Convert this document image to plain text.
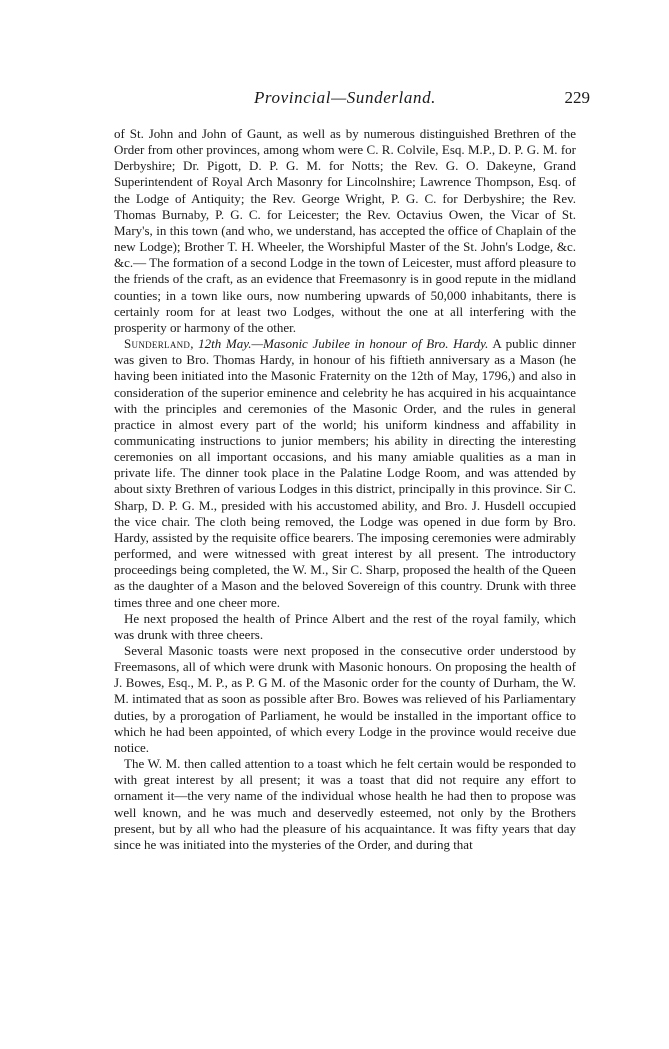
Provincial—Sunderland.	229

of St. John and John of Gaunt, as well as by numerous distinguished Brethren of the Order from other provinces, among whom were C. R. Colvile, Esq. M.P., D. P. G. M. for Derbyshire; Dr. Pigott, D. P. G. M. for Notts; the Rev. G. O. Dakeyne, Grand Superintendent of Royal Arch Masonry for Lincolnshire; Lawrence Thompson, Esq. of the Lodge of Antiquity; the Rev. George Wright, P. G. C. for Derbyshire; the Rev. Thomas Burnaby, P. G. C. for Leicester; the Rev. Octavius Owen, the Vicar of St. Mary's, in this town (and who, we understand, has accepted the office of Chaplain of the new Lodge); Brother T. H. Wheeler, the Worshipful Master of the St. John's Lodge, &c. &c.— The formation of a second Lodge in the town of Leicester, must afford pleasure to the friends of the craft, as an evidence that Freemasonry is in good repute in the midland counties; in a town like ours, now numbering upwards of 50,000 inhabitants, there is certainly room for at least two Lodges, without the one at all interfering with the prosperity or harmony of the other.

Sunderland, 12th May.—Masonic Jubilee in honour of Bro. Hardy. A public dinner was given to Bro. Thomas Hardy, in honour of his fiftieth anniversary as a Mason (he having been initiated into the Masonic Fraternity on the 12th of May, 1796,) and also in consideration of the superior eminence and celebrity he has acquired in his acquaintance with the principles and ceremonies of the Masonic Order, and the rules in general practice in almost every part of the world; his uniform kindness and affability in communicating instructions to junior members; his ability in directing the interesting ceremonies on all important occasions, and his many amiable qualities as a man in private life. The dinner took place in the Palatine Lodge Room, and was attended by about sixty Brethren of various Lodges in this district, principally in this province. Sir C. Sharp, D. P. G. M., presided with his accustomed ability, and Bro. J. Husdell occupied the vice chair. The cloth being removed, the Lodge was opened in due form by Bro. Hardy, assisted by the requisite office bearers. The imposing ceremonies were admirably performed, and were witnessed with great interest by all present. The introductory proceedings being completed, the W. M., Sir C. Sharp, proposed the health of the Queen as the daughter of a Mason and the beloved Sovereign of this country. Drunk with three times three and one cheer more.

He next proposed the health of Prince Albert and the rest of the royal family, which was drunk with three cheers.

Several Masonic toasts were next proposed in the consecutive order understood by Freemasons, all of which were drunk with Masonic honours. On proposing the health of J. Bowes, Esq., M. P., as P. G M. of the Masonic order for the county of Durham, the W. M. intimated that as soon as possible after Bro. Bowes was relieved of his Parliamentary duties, by a prorogation of Parliament, he would be installed in the important office to which he had been appointed, of which every Lodge in the province would receive due notice.

The W. M. then called attention to a toast which he felt certain would be responded to with great interest by all present; it was a toast that did not require any effort to ornament it—the very name of the individual whose health he had then to propose was well known, and he was much and deservedly esteemed, not only by the Brothers present, but by all who had the pleasure of his acquaintance. It was fifty years that day since he was initiated into the mysteries of the Order, and during that
